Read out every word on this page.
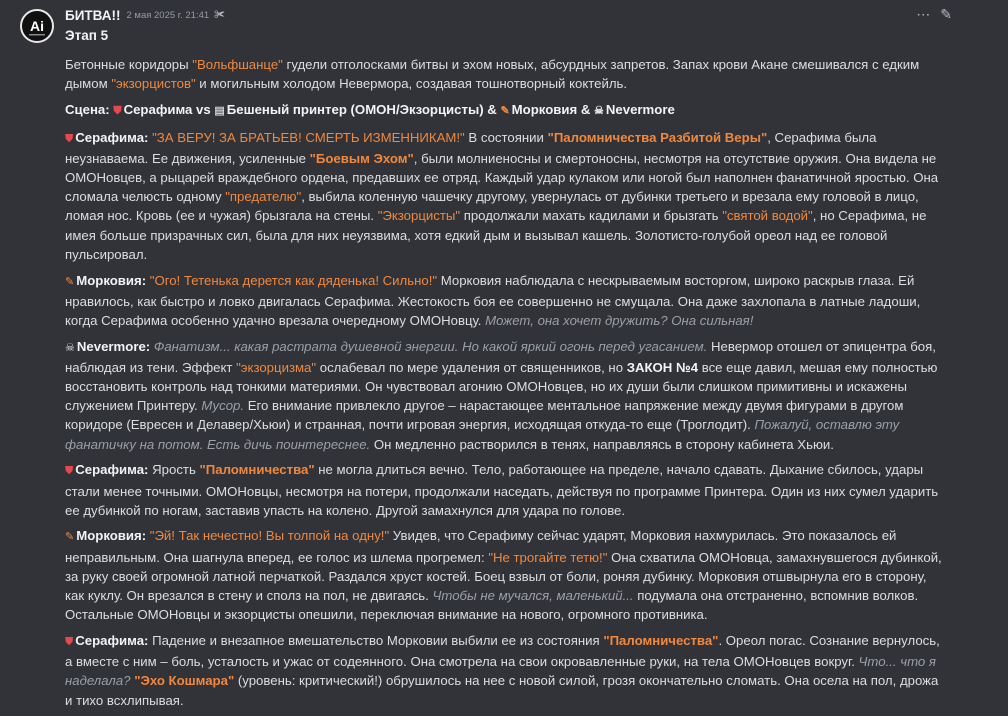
Ai
БИТВА!! 2 мая 2025 г. 21:41 ✀	⋯ ✎
Этап 5
Бетонные коридоры "Вольфшанце" гудели отголосками битвы и эхом новых, абсурдных запретов. Запах крови Акане смешивался с едким дымом "экзорцистов" и могильным холодом Невермора, создавая тошнотворный коктейль.
Сцена: ⛊ Серафима vs ▤ Бешеный принтер (ОМОН/Экзорцисты) & ✎ Морковия & ☠ Nevermore
⛊ Серафима: "ЗА ВЕРУ! ЗА БРАТЬЕВ! СМЕРТЬ ИЗМЕННИКАМ!" В состоянии "Паломничества Разбитой Веры", Серафима была неузнаваема. Ее движения, усиленные "Боевым Эхом", были молниеносны и смертоносны, несмотря на отсутствие оружия. Она видела не ОМОНовцев, а рыцарей враждебного ордена, предавших ее отряд. Каждый удар кулаком или ногой был наполнен фанатичной яростью. Она сломала челюсть одному "предателю", выбила коленную чашечку другому, увернулась от дубинки третьего и врезала ему головой в лицо, ломая нос. Кровь (ее и чужая) брызгала на стены. "Экзорцисты" продолжали махать кадилами и брызгать "святой водой", но Серафима, не имея больше призрачных сил, была для них неуязвима, хотя едкий дым и вызывал кашель. Золотисто-голубой ореол над ее головой пульсировал.
✎ Морковия: "Ого! Тетенька дерется как дяденька! Сильно!" Морковия наблюдала с нескрываемым восторгом, широко раскрыв глаза. Ей нравилось, как быстро и ловко двигалась Серафима. Жестокость боя ее совершенно не смущала. Она даже захлопала в латные ладоши, когда Серафима особенно удачно врезала очередному ОМОНовцу. Может, она хочет дружить? Она сильная!
☠ Nevermore: Фанатизм... какая растрата душевной энергии. Но какой яркий огонь перед угасанием. Невермор отошел от эпицентра боя, наблюдая из тени. Эффект "экзорцизма" ослабевал по мере удаления от священников, но ЗАКОН №4 все еще давил, мешая ему полностью восстановить контроль над тонкими материями. Он чувствовал агонию ОМОНовцев, но их души были слишком примитивны и искажены служением Принтеру. Мусор. Его внимание привлекло другое – нарастающее ментальное напряжение между двумя фигурами в другом коридоре (Евресен и Делавер/Хьюи) и странная, почти игровая энергия, исходящая откуда-то еще (Троглодит). Пожалуй, оставлю эту фанатичку на потом. Есть дичь поинтереснее. Он медленно растворился в тенях, направляясь в сторону кабинета Хьюи.
⛊ Серафима: Ярость "Паломничества" не могла длиться вечно. Тело, работающее на пределе, начало сдавать. Дыхание сбилось, удары стали менее точными. ОМОНовцы, несмотря на потери, продолжали наседать, действуя по программе Принтера. Один из них сумел ударить ее дубинкой по ногам, заставив упасть на колено. Другой замахнулся для удара по голове.
✎ Морковия: "Эй! Так нечестно! Вы толпой на одну!" Увидев, что Серафиму сейчас ударят, Морковия нахмурилась. Это показалось ей неправильным. Она шагнула вперед, ее голос из шлема прогремел: "Не трогайте тетю!" Она схватила ОМОНовца, замахнувшегося дубинкой, за руку своей огромной латной перчаткой. Раздался хруст костей. Боец взвыл от боли, роняя дубинку. Морковия отшвырнула его в сторону, как куклу. Он врезался в стену и сполз на пол, не двигаясь. Чтобы не мучался, маленький... подумала она отстраненно, вспомнив волков. Остальные ОМОНовцы и экзорцисты опешили, переключая внимание на нового, огромного противника.
⛊ Серафима: Падение и внезапное вмешательство Морковии выбили ее из состояния "Паломничества". Ореол погас. Сознание вернулось, а вместе с ним – боль, усталость и ужас от содеянного. Она смотрела на свои окровавленные руки, на тела ОМОНовцев вокруг. Что... что я наделала? "Эхо Кошмара" (уровень: критический!) обрушилось на нее с новой силой, грозя окончательно сломать. Она осела на пол, дрожа и тихо всхлипывая.
